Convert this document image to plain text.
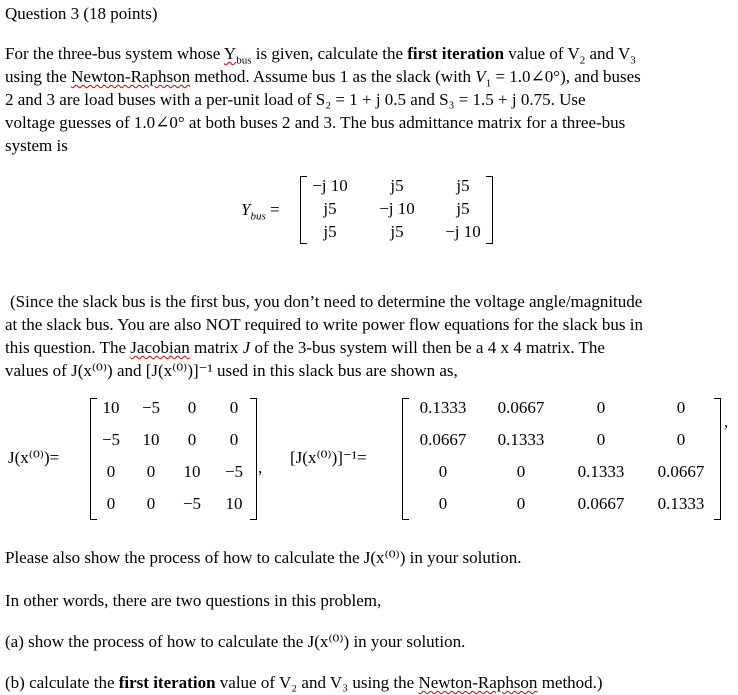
Question 3 (18 points)
For the three-bus system whose $Y_{bus}$ is given, calculate the first iteration value of $V_2$ and $V_3$
using the Newton-Raphson method. Assume bus 1 as the slack (with $V_1$ = 1.0∠0°), and buses
2 and 3 are load buses with a per-unit load of S₂ = 1 + j 0.5 and S₃ = 1.5 + j 0.75. Use
voltage guesses of 1.0∠0° at both buses 2 and 3. The bus admittance matrix for a three-bus
system is
$Y_{bus}$ =
−j 10	j5	j5
j5	−j 10	j5
j5	j5	−j 10
(Since the slack bus is the first bus, you don’t need to determine the voltage angle/magnitude
at the slack bus. You are also NOT required to write power flow equations for the slack bus in
this question. The Jacobian matrix J of the 3-bus system will then be a 4 x 4 matrix. The
values of J(x⁽⁰⁾) and [J(x⁽⁰⁾)]⁻¹ used in this slack bus are shown as,
J(x⁽⁰⁾)=
,
10	−5	0	0
−5	10	0	0
0	0	10	−5
0	0	−5	10
[J(x⁽⁰⁾)]⁻¹=
,
0.1333	0.0667	0	0
0.0667	0.1333	0	0
0	0	0.1333	0.0667
0	0	0.0667	0.1333
Please also show the process of how to calculate the J(x⁽⁰⁾) in your solution.
In other words, there are two questions in this problem,
(a) show the process of how to calculate the J(x⁽⁰⁾) in your solution.
(b) calculate the first iteration value of V₂ and V₃ using the Newton-Raphson method.)
